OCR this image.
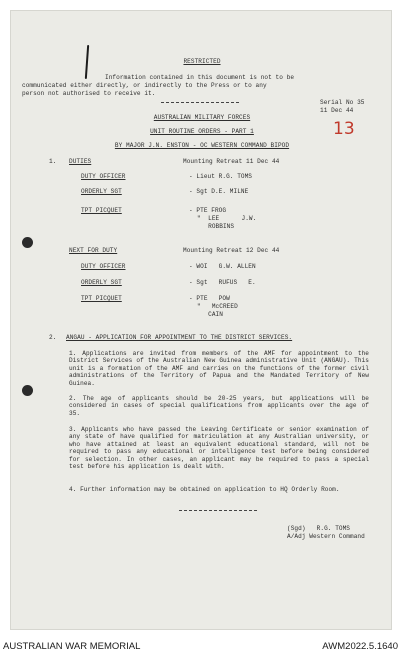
RESTRICTED
Information contained in this document is not to be
communicated either directly, or indirectly to the Press or to any
person not authorised to receive it.
Serial No 35
11 Dec 44
13
AUSTRALIAN MILITARY FORCES
UNIT ROUTINE ORDERS - PART 1
BY MAJOR J.N. ENSTON - OC WESTERN COMMAND BIPOD
1. DUTIES	Mounting Retreat 11 Dec 44
DUTY OFFICER	- Lieut R.G. TOMS
ORDERLY SGT	- Sgt D.E. MILNE
TPT PICQUET	- PTE FROG
"  LEE      J.W.
ROBBINS
NEXT FOR DUTY	Mounting Retreat 12 Dec 44
DUTY OFFICER	- WOI   G.W. ALLEN
ORDERLY SGT	- Sgt   RUFUS   E.
TPT PICQUET	- PTE   POW
"   McCREED
CAIN
2. ANGAU - APPLICATION FOR APPOINTMENT TO THE DISTRICT SERVICES.
1. Applications are invited from members of the AMF for appointment to the District Services of the Australian New Guinea administrative Unit (ANGAU). This unit is a formation of the AMF and carries on the functions of the former civil administrations of the Territory of Papua and the Mandated Territory of New Guinea.
2. The age of applicants should be 20-25 years, but applications will be considered in cases of special qualifications from applicants over the age of 35.
3. Applicants who have passed the Leaving Certificate or senior examination of any state of have qualified for matriculation at any Australian university, or who have attained at least an equivalent educational standard, will not be required to pass any educational or intelligence test before being considered for selection. In other cases, an applicant may be required to pass a special test before his application is dealt with.
4. Further information may be obtained on application to HQ Orderly Room.
(Sgd)   R.G. TOMS
A/Adj Western Command
AUSTRALIAN WAR MEMORIAL	AWM2022.5.1640
